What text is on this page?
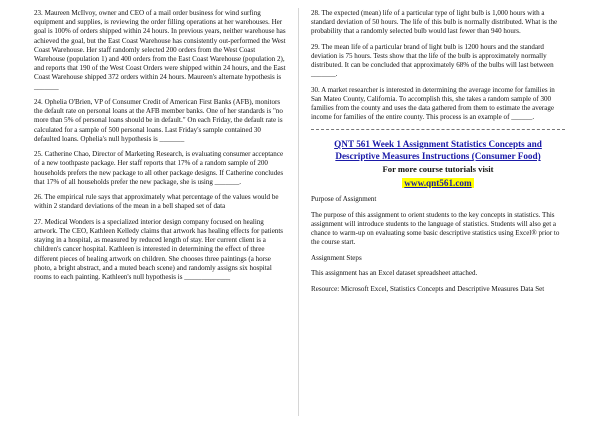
23. Maureen McIlvoy, owner and CEO of a mail order business for wind surfing equipment and supplies, is reviewing the order filling operations at her warehouses. Her goal is 100% of orders shipped within 24 hours. In previous years, neither warehouse has achieved the goal, but the East Coast Warehouse has consistently out-performed the West Coast Warehouse. Her staff randomly selected 200 orders from the West Coast Warehouse (population 1) and 400 orders from the East Coast Warehouse (population 2), and reports that 190 of the West Coast Orders were shipped within 24 hours, and the East Coast Warehouse shipped 372 orders within 24 hours. Maureen's alternate hypothesis is _______

24. Ophelia O'Brien, VP of Consumer Credit of American First Banks (AFB), monitors the default rate on personal loans at the AFB member banks. One of her standards is "no more than 5% of personal loans should be in default." On each Friday, the default rate is calculated for a sample of 500 personal loans. Last Friday's sample contained 30 defaulted loans. Ophelia's null hypothesis is _______

25. Catherine Chao, Director of Marketing Research, is evaluating consumer acceptance of a new toothpaste package. Her staff reports that 17% of a random sample of 200 households prefers the new package to all other package designs. If Catherine concludes that 17% of all households prefer the new package, she is using _______.

26. The empirical rule says that approximately what percentage of the values would be within 2 standard deviations of the mean in a bell shaped set of data

27. Medical Wonders is a specialized interior design company focused on healing artwork. The CEO, Kathleen Kelledy claims that artwork has healing effects for patients staying in a hospital, as measured by reduced length of stay. Her current client is a children's cancer hospital. Kathleen is interested in determining the effect of three different pieces of healing artwork on children. She chooses three paintings (a horse photo, a bright abstract, and a muted beach scene) and randomly assigns six hospital rooms to each painting. Kathleen's null hypothesis is _____________

28. The expected (mean) life of a particular type of light bulb is 1,000 hours with a standard deviation of 50 hours. The life of this bulb is normally distributed. What is the probability that a randomly selected bulb would last fewer than 940 hours.

29. The mean life of a particular brand of light bulb is 1200 hours and the standard deviation is 75 hours. Tests show that the life of the bulb is approximately normally distributed. It can be concluded that approximately 68% of the bulbs will last between _______.

30. A market researcher is interested in determining the average income for families in San Mateo County, California. To accomplish this, she takes a random sample of 300 families from the county and uses the data gathered from them to estimate the average income for families of the entire county. This process is an example of ______.

QNT 561 Week 1 Assignment Statistics Concepts and Descriptive Measures Instructions (Consumer Food)

For more course tutorials visit

www.qnt561.com

Purpose of Assignment

The purpose of this assignment to orient students to the key concepts in statistics. This assignment will introduce students to the language of statistics. Students will also get a chance to warm-up on evaluating some basic descriptive statistics using Excel® prior to the course start.

Assignment Steps

This assignment has an Excel dataset spreadsheet attached.

Resource: Microsoft Excel, Statistics Concepts and Descriptive Measures Data Set
